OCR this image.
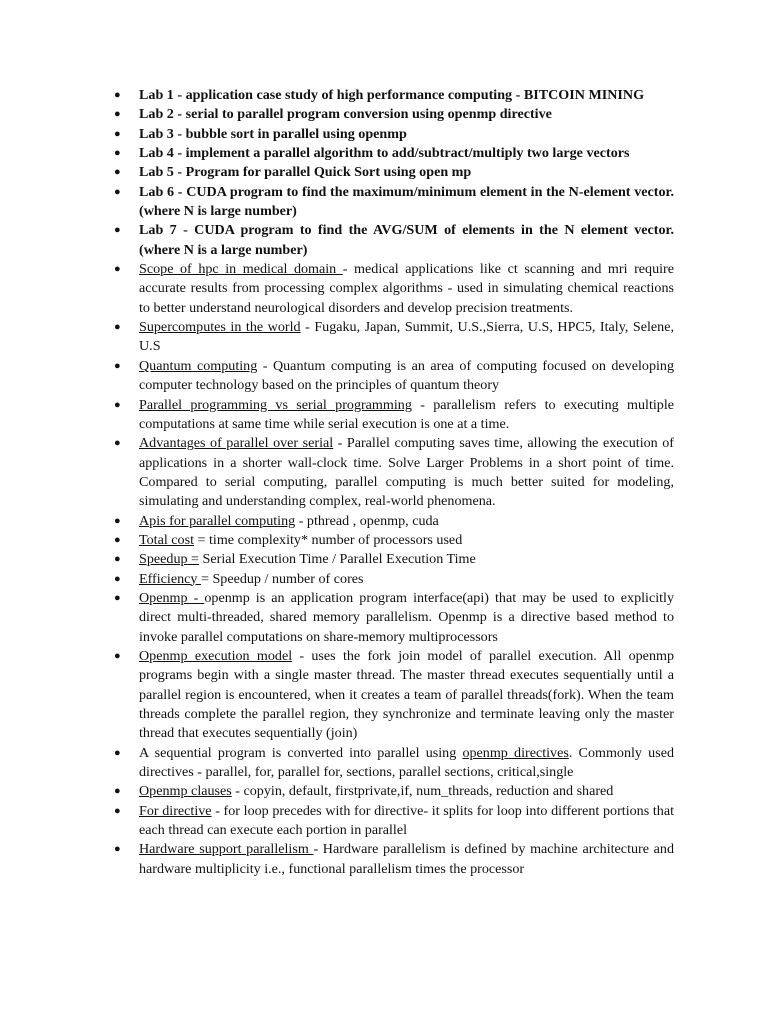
● Lab 1 - application case study of high performance computing - BITCOIN MINING
● Lab 2 - serial to parallel program conversion using openmp directive
● Lab 3 - bubble sort in parallel using openmp
● Lab 4 - implement a parallel algorithm to add/subtract/multiply two large vectors
● Lab 5 - Program for parallel Quick Sort using open mp
● Lab 6 - CUDA program to find the maximum/minimum element in the N-element vector. (where N is large number)
● Lab 7 - CUDA program to find the AVG/SUM of elements in the N element vector. (where N is a large number)
● Scope of hpc in medical domain - medical applications like ct scanning and mri require accurate results from processing complex algorithms - used in simulating chemical reactions to better understand neurological disorders and develop precision treatments.
● Supercomputes in the world - Fugaku, Japan, Summit, U.S.,Sierra, U.S, HPC5, Italy, Selene, U.S
● Quantum computing - Quantum computing is an area of computing focused on developing computer technology based on the principles of quantum theory
● Parallel programming vs serial programming - parallelism refers to executing multiple computations at same time while serial execution is one at a time.
● Advantages of parallel over serial - Parallel computing saves time, allowing the execution of applications in a shorter wall-clock time. Solve Larger Problems in a short point of time. Compared to serial computing, parallel computing is much better suited for modeling, simulating and understanding complex, real-world phenomena.
● Apis for parallel computing - pthread , openmp, cuda
● Total cost = time complexity* number of processors used
● Speedup = Serial Execution Time / Parallel Execution Time
● Efficiency = Speedup / number of cores
● Openmp - openmp is an application program interface(api) that may be used to explicitly direct multi-threaded, shared memory parallelism. Openmp is a directive based method to invoke parallel computations on share-memory multiprocessors
● Openmp execution model - uses the fork join model of parallel execution. All openmp programs begin with a single master thread. The master thread executes sequentially until a parallel region is encountered, when it creates a team of parallel threads(fork). When the team threads complete the parallel region, they synchronize and terminate leaving only the master thread that executes sequentially (join)
● A sequential program is converted into parallel using openmp directives. Commonly used directives - parallel, for, parallel for, sections, parallel sections, critical,single
● Openmp clauses - copyin, default, firstprivate,if, num_threads, reduction and shared
● For directive - for loop precedes with for directive- it splits for loop into different portions that each thread can execute each portion in parallel
● Hardware support parallelism - Hardware parallelism is defined by machine architecture and hardware multiplicity i.e., functional parallelism times the processor
